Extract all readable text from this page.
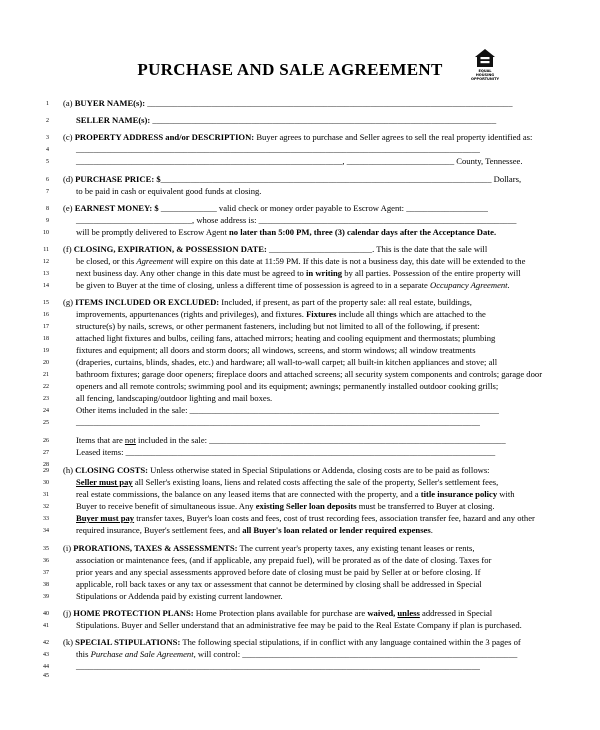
PURCHASE AND SALE AGREEMENT	EQUAL HOUSING
OPPORTUNITY
1 (a) BUYER NAME(s): _____________________________________________________________________________________
2	SELLER NAME(s): ________________________________________________________________________________
3 (c) PROPERTY ADDRESS and/or DESCRIPTION: Buyer agrees to purchase and Seller agrees to sell the real property identified as:
4	______________________________________________________________________________________________
5	______________________________________________________________, _________________________ County, Tennessee.
6 (d) PURCHASE PRICE: $_____________________________________________________________________________ Dollars,
7	to be paid in cash or equivalent good funds at closing.
8 (e) EARNEST MONEY: $ _____________ valid check or money order payable to Escrow Agent: ___________________
9	___________________________, whose address is: ____________________________________________________________
10	will be promptly delivered to Escrow Agent no later than 5:00 PM, three (3) calendar days after the Acceptance Date.
11 (f) CLOSING, EXPIRATION, & POSSESSION DATE: ________________________. This is the date that the sale will
12	be closed, or this Agreement will expire on this date at 11:59 PM. If this date is not a business day, this date will be extended to the
13	next business day. Any other change in this date must be agreed to in writing by all parties. Possession of the entire property will
14	be given to Buyer at the time of closing, unless a different time of possession is agreed to in a separate Occupancy Agreement.
15 (g) ITEMS INCLUDED OR EXCLUDED: Included, if present, as part of the property sale: all real estate, buildings,
16	improvements, appurtenances (rights and privileges), and fixtures. Fixtures include all things which are attached to the
17	structure(s) by nails, screws, or other permanent fasteners, including but not limited to all of the following, if present:
18	attached light fixtures and bulbs, ceiling fans, attached mirrors; heating and cooling equipment and thermostats; plumbing
19	fixtures and equipment; all doors and storm doors; all windows, screens, and storm windows; all window treatments
20	(draperies, curtains, blinds, shades, etc.) and hardware; all wall-to-wall carpet; all built-in kitchen appliances and stove; all
21	bathroom fixtures; garage door openers; fireplace doors and attached screens; all security system components and controls; garage door
22	openers and all remote controls; swimming pool and its equipment; awnings; permanently installed outdoor cooking grills;
23	all fencing, landscaping/outdoor lighting and mail boxes.
24	Other items included in the sale: ________________________________________________________________________
25	______________________________________________________________________________________________
26	Items that are not included in the sale: _____________________________________________________________________
27	Leased items: ______________________________________________________________________________________
28
29 (h) CLOSING COSTS: Unless otherwise stated in Special Stipulations or Addenda, closing costs are to be paid as follows:
30	Seller must pay all Seller's existing loans, liens and related costs affecting the sale of the property, Seller's settlement fees,
31	real estate commissions, the balance on any leased items that are connected with the property, and a title insurance policy with
32	Buyer to receive benefit of simultaneous issue. Any existing Seller loan deposits must be transferred to Buyer at closing.
33	Buyer must pay transfer taxes, Buyer's loan costs and fees, cost of trust recording fees, association transfer fee, hazard and any other
34	required insurance, Buyer's settlement fees, and all Buyer's loan related or lender required expenses.
35 (i) PRORATIONS, TAXES & ASSESSMENTS: The current year's property taxes, any existing tenant leases or rents,
36	association or maintenance fees, (and if applicable, any prepaid fuel), will be prorated as of the date of closing. Taxes for
37	prior years and any special assessments approved before date of closing must be paid by Seller at or before closing. If
38	applicable, roll back taxes or any tax or assessment that cannot be determined by closing shall be addressed in Special
39	Stipulations or Addenda paid by existing current landowner.
40 (j) HOME PROTECTION PLANS: Home Protection plans available for purchase are waived, unless addressed in Special
41	Stipulations. Buyer and Seller understand that an administrative fee may be paid to the Real Estate Company if plan is purchased.
42 (k) SPECIAL STIPULATIONS: The following special stipulations, if in conflict with any language contained within the 3 pages of
43	this Purchase and Sale Agreement, will control: ________________________________________________________________
44	______________________________________________________________________________________________
45
